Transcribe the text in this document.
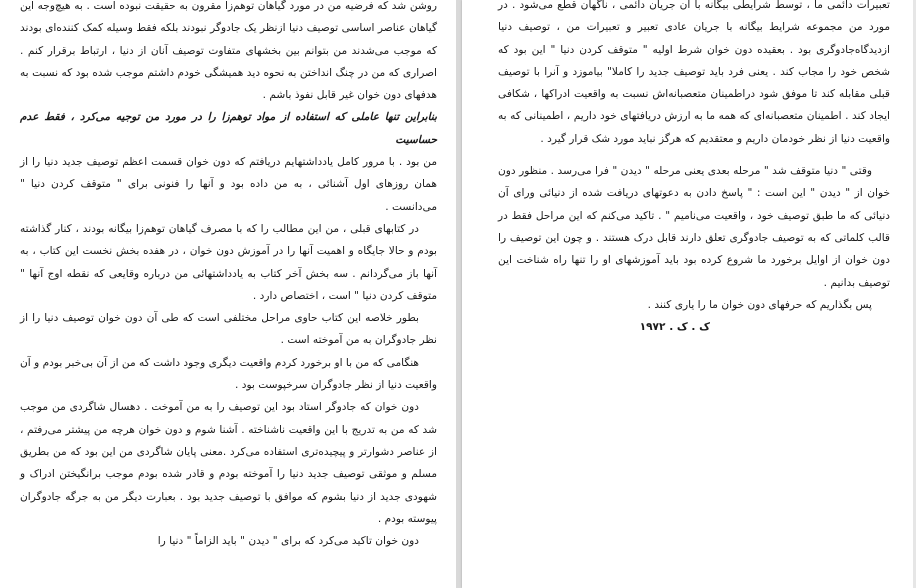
روشن شد که فرضیه من در مورد گیاهان توهم‌زا مقرون به حقیقت نبوده است . به هیچ‌وجه این گیاهان عناصر اساسی توصیف دنیا ازنظر یک جادوگر نبودند بلکه فقط وسیله کمک کننده‌ای بودند که موجب می‌شدند من بتوانم بین بخشهای متفاوت توصیف آنان از دنیا ، ارتباط برقرار کنم . اصراری که من در چنگ انداختن به نحوه دید همیشگی خودم داشتم موجب شده بود که نسبت به هدفهای دون خوان غیر قابل نفوذ باشم .

بنابراین تنها عاملی که استفاده از مواد توهم‌زا را در مورد من توجیه می‌کرد ، فقط عدم حساسیت

من بود . با مرور کامل یادداشتهایم دریافتم که دون خوان قسمت اعظم توصیف جدید دنیا را از همان روزهای اول آشنائی ، به من داده بود و آنها را فنونی برای " متوقف کردن دنیا " می‌دانست .

در کتابهای قبلی ، من این مطالب را که با مصرف گیاهان توهم‌زا بیگانه بودند ، کنار گذاشته بودم و حالا جایگاه و اهمیت آنها را در آموزش دون خوان ، در هفده بخش نخست این کتاب ، به آنها باز می‌گردانم . سه بخش آخر کتاب به یادداشتهائی من درباره وقایعی که نقطه اوج آنها " متوقف کردن دنیا " است ، اختصاص دارد .

بطور خلاصه این کتاب حاوی مراحل مختلفی است که طی آن دون خوان توصیف دنیا را از نظر جادوگران به من آموخته است .

هنگامی که من با او برخورد کردم واقعیت دیگری وجود داشت که من از آن بی‌خبر بودم و آن واقعیت دنیا از نظر جادوگران سرخپوست بود .

دون خوان که جادوگر استاد بود این توصیف را به من آموخت . دهسال شاگردی من موجب شد که من به تدریج با این واقعیت ناشناخته . آشنا شوم و دون خوان هرچه من پیشتر می‌رفتم ، از عناصر دشوارتر و پیچیده‌تری استفاده می‌کرد .معنی پایان شاگردی من این بود که من بطریق مسلم و موثقی توصیف جدید دنیا را آموخته بودم و قادر شده بودم موجب برانگیختن ادراک و شهودی جدید از دنیا بشوم که موافق با توصیف جدید بود . بعبارت دیگر من به جرگه جادوگران پیوسته بودم .

دون خوان تاکید می‌کرد که برای " دیدن " باید الزاماً " دنیا را

تعبیرات دائمی ما ، توسط شرایطی بیگانه با آن جریان دائمی ، ناگهان قطع می‌شود . در مورد من مجموعه شرایط بیگانه با جریان عادی تعبیر و تعبیرات من ، توصیف دنیا ازدیدگاه‌جادوگری بود . بعقیده دون خوان شرط اولیه " متوقف کردن دنیا " این بود که شخص خود را مجاب کند . یعنی فرد باید توصیف جدید را کاملا" بیاموزد و آنرا با توصیف قبلی مقابله کند تا موفق شود دراطمینان متعصبانه‌اش نسبت به واقعیت ادراکها ، شکافی ایجاد کند . اطمینان متعصبانه‌ای که همه ما به ارزش دریافتهای خود داریم ، اطمینانی که به واقعیت دنیا از نظر خودمان داریم و معتقدیم که هرگز نباید مورد شک قرار گیرد .

وقتی " دنیا متوقف شد " مرحله بعدی یعنی مرحله " دیدن " فرا می‌رسد . منظور دون خوان از " دیدن " این است : " پاسخ دادن به دعوتهای دریافت شده از دنیائی ورای آن دنیائی که ما طبق توصیف خود ، واقعیت می‌نامیم " . تاکید می‌کنم که این مراحل فقط در قالب کلماتی که به توصیف جادوگری تعلق دارند قابل درک هستند . و چون این توصیف را دون خوان از اوایل برخورد ما شروع کرده بود باید آموزشهای او را تنها راه شناخت این توصیف بدانیم .

پس بگذاریم که حرفهای دون خوان ما را یاری کنند .

ک . ک . ۱۹۷۲
